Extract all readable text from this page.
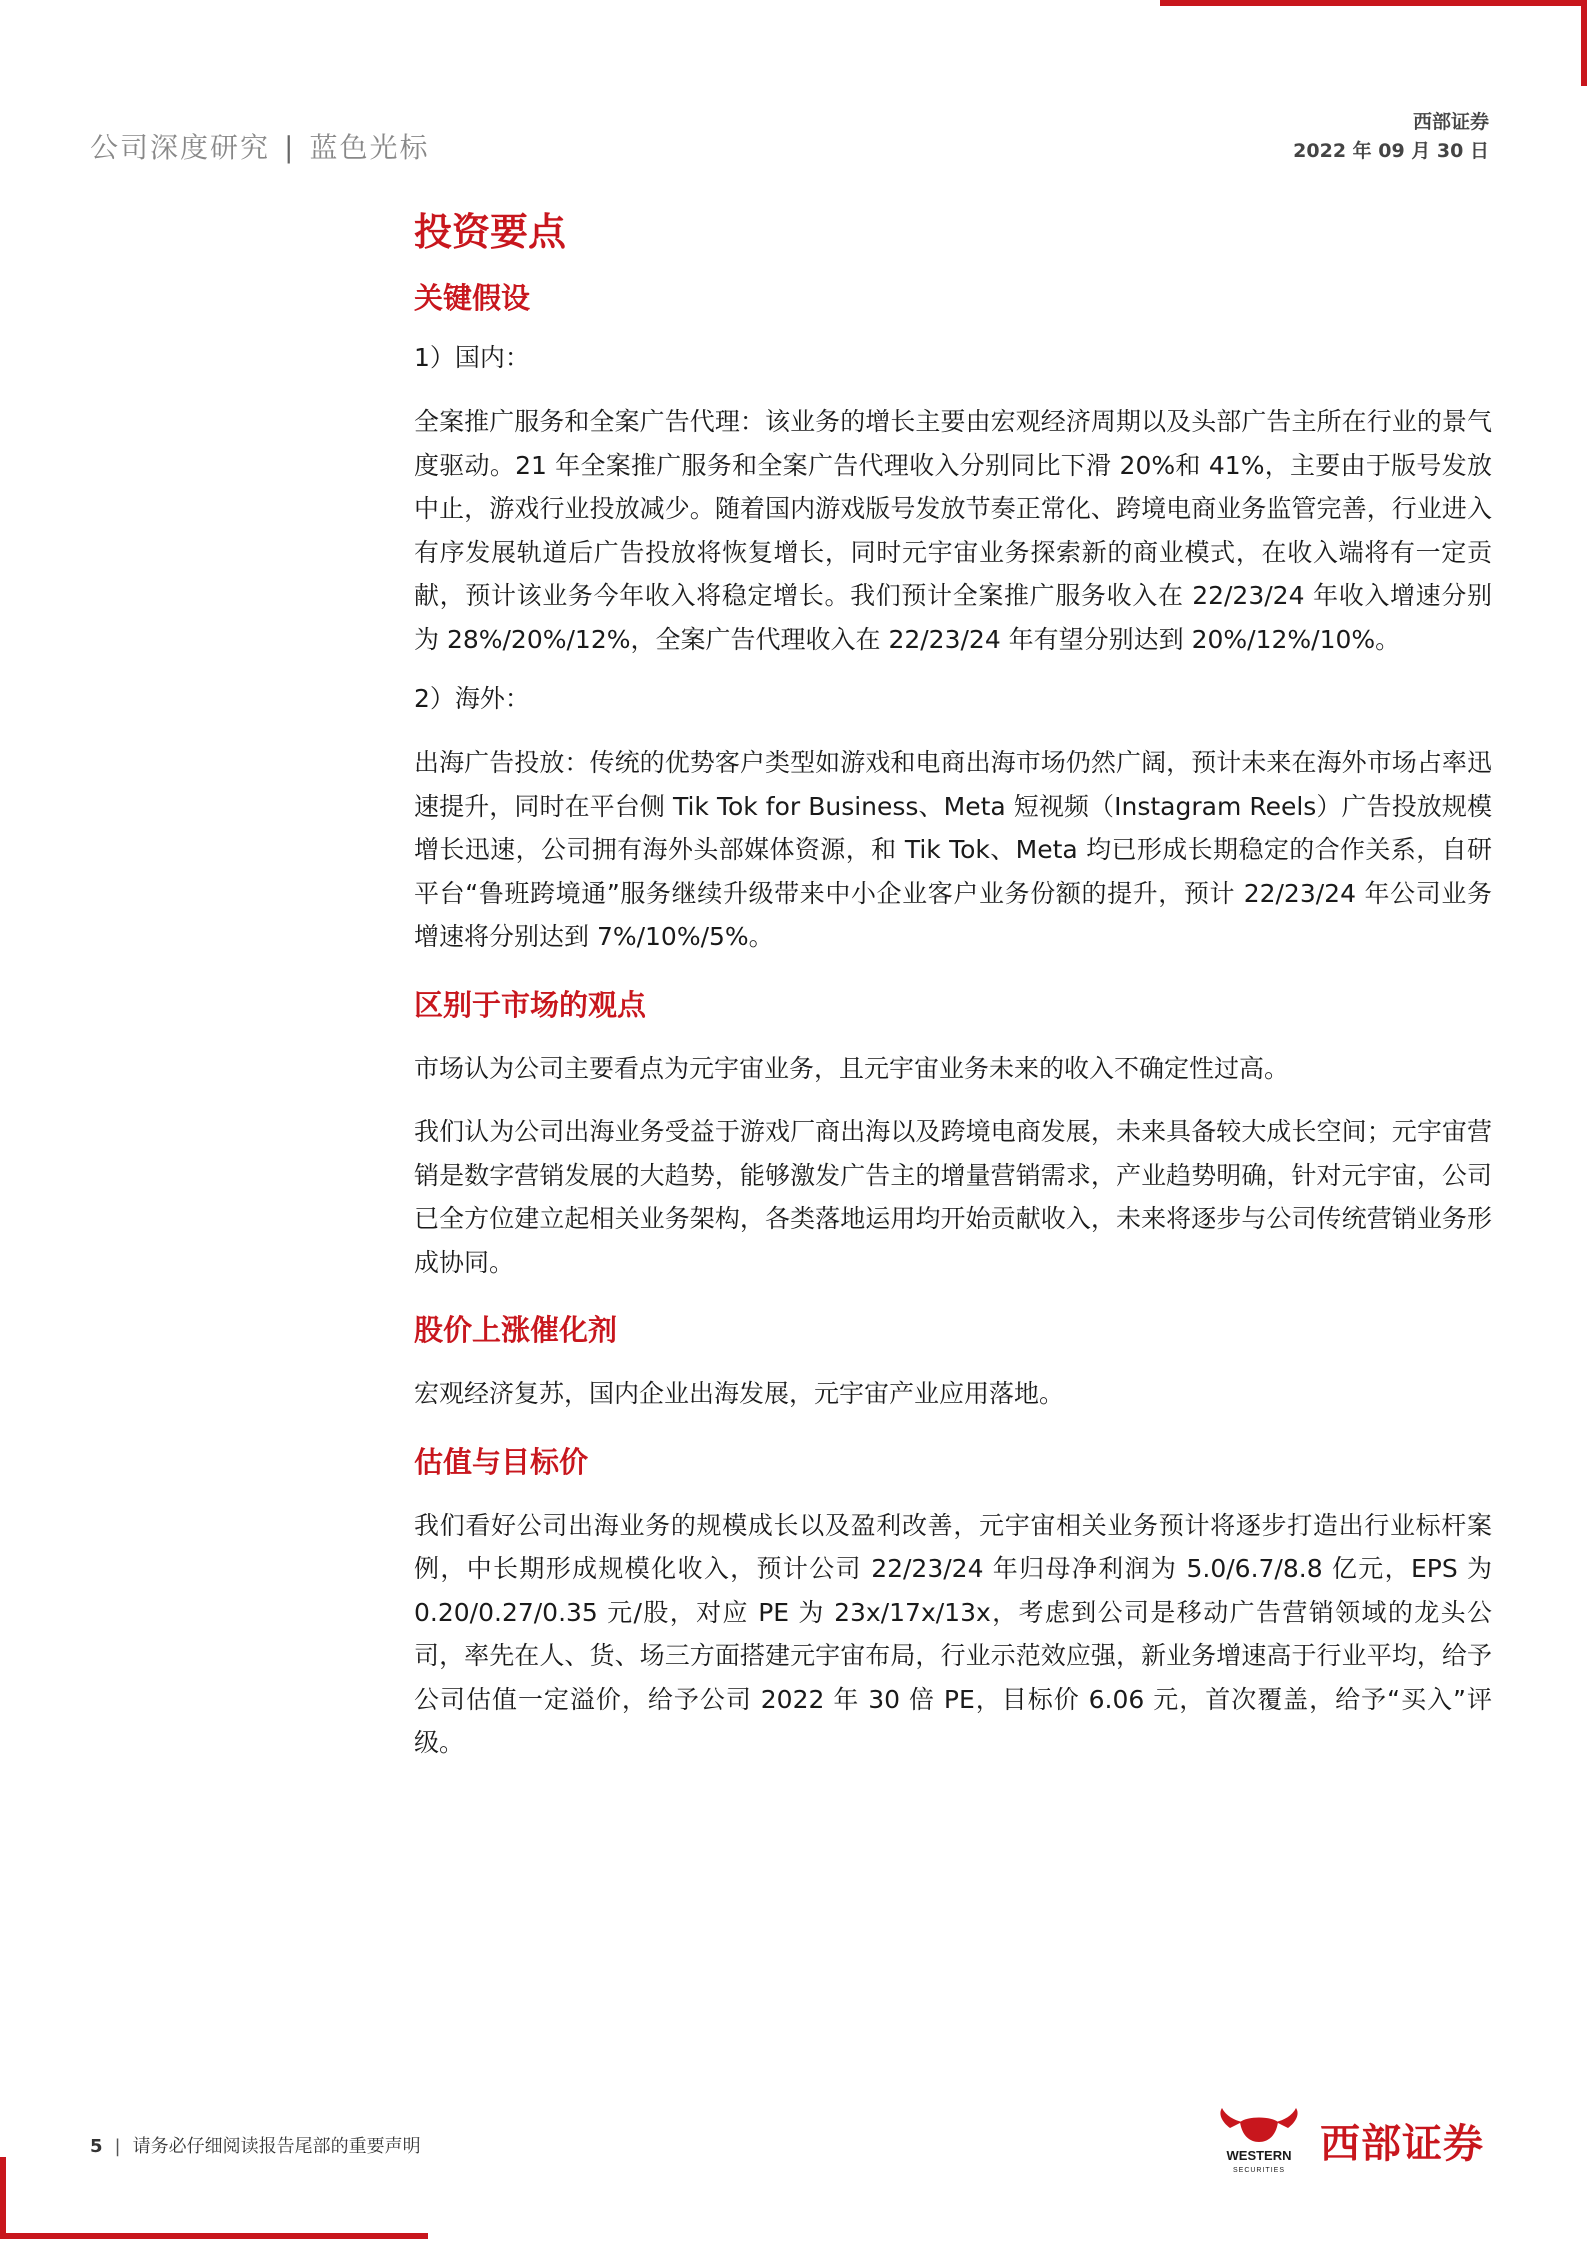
公司深度研究 | 蓝色光标
西部证券
2022 年 09 月 30 日
投资要点
关键假设
1）国内：
全案推广服务和全案广告代理：该业务的增长主要由宏观经济周期以及头部广告主所在行业的景气度驱动。21 年全案推广服务和全案广告代理收入分别同比下滑 20%和 41%，主要由于版号发放中止，游戏行业投放减少。随着国内游戏版号发放节奏正常化、跨境电商业务监管完善，行业进入有序发展轨道后广告投放将恢复增长，同时元宇宙业务探索新的商业模式，在收入端将有一定贡献，预计该业务今年收入将稳定增长。我们预计全案推广服务收入在 22/23/24 年收入增速分别为 28%/20%/12%，全案广告代理收入在 22/23/24 年有望分别达到 20%/12%/10%。
2）海外：
出海广告投放：传统的优势客户类型如游戏和电商出海市场仍然广阔，预计未来在海外市场占率迅速提升，同时在平台侧 Tik Tok for Business、Meta 短视频（Instagram Reels）广告投放规模增长迅速，公司拥有海外头部媒体资源，和 Tik Tok、Meta 均已形成长期稳定的合作关系，自研平台“鲁班跨境通”服务继续升级带来中小企业客户业务份额的提升，预计 22/23/24 年公司业务增速将分别达到 7%/10%/5%。
区别于市场的观点
市场认为公司主要看点为元宇宙业务，且元宇宙业务未来的收入不确定性过高。
我们认为公司出海业务受益于游戏厂商出海以及跨境电商发展，未来具备较大成长空间；元宇宙营销是数字营销发展的大趋势，能够激发广告主的增量营销需求，产业趋势明确，针对元宇宙，公司已全方位建立起相关业务架构，各类落地运用均开始贡献收入，未来将逐步与公司传统营销业务形成协同。
股价上涨催化剂
宏观经济复苏，国内企业出海发展，元宇宙产业应用落地。
估值与目标价
我们看好公司出海业务的规模成长以及盈利改善，元宇宙相关业务预计将逐步打造出行业标杆案例，中长期形成规模化收入，预计公司 22/23/24 年归母净利润为 5.0/6.7/8.8 亿元，EPS 为 0.20/0.27/0.35 元/股，对应 PE 为 23x/17x/13x，考虑到公司是移动广告营销领域的龙头公司，率先在人、货、场三方面搭建元宇宙布局，行业示范效应强，新业务增速高于行业平均，给予公司估值一定溢价，给予公司 2022 年 30 倍 PE，目标价 6.06 元，首次覆盖，给予“买入”评级。
5 | 请务必仔细阅读报告尾部的重要声明	WESTERN
SECURITIES
西部证券
